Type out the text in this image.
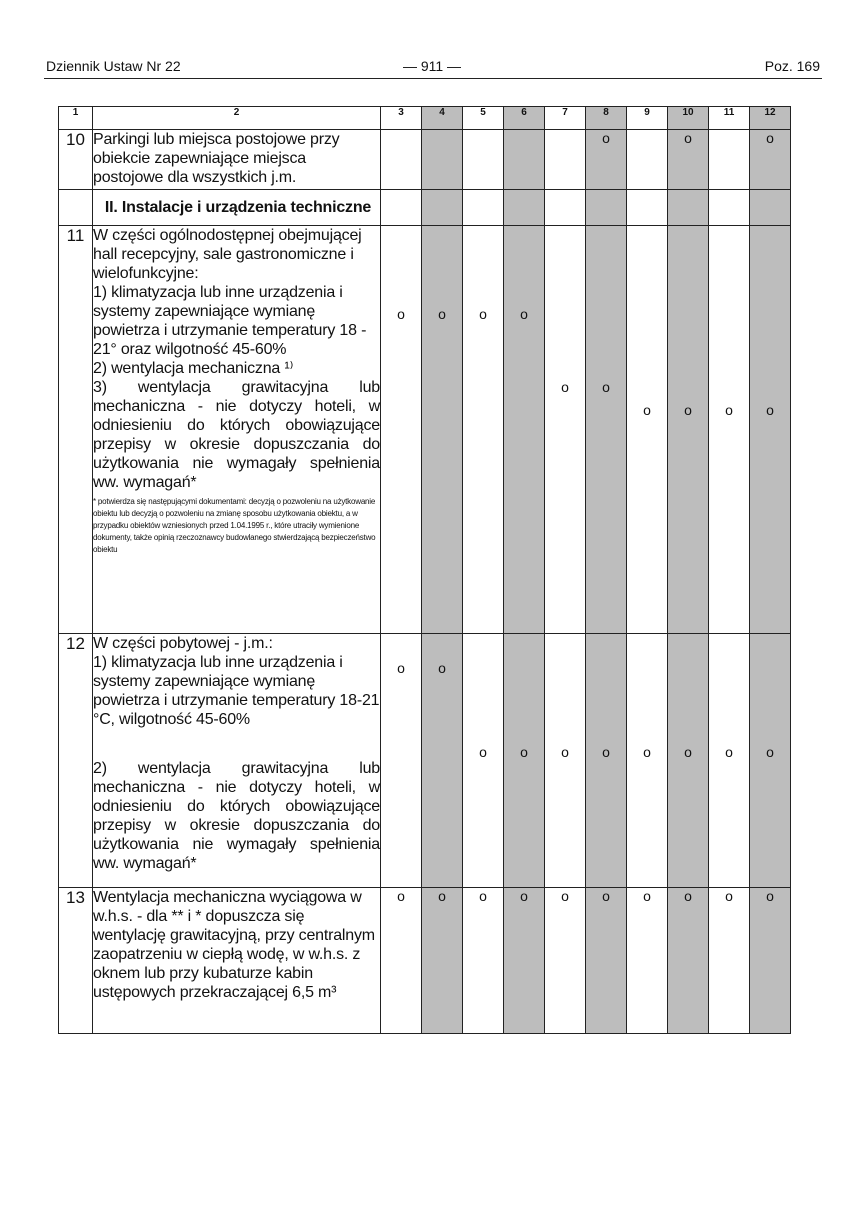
Dziennik Ustaw Nr 22	— 911 —	Poz. 169
1	2	3	4	5	6	7	8	9	10	11	12
10	Parkingi lub miejsca postojowe przy obiekcie zapewniające miejsca postojowe dla wszystkich j.m.						o		o		o

	II. Instalacje i urządzenia techniczne										

11	W części ogólnodostępnej obejmującej hall recepcyjny, sale gastronomiczne i wielofunkcyjne:
1) klimatyzacja lub inne urządzenia i systemy zapewniające wymianę powietrza i utrzymanie temperatury 18 - 21° oraz wilgotność 45-60%
2) wentylacja mechaniczna ¹⁾
3) wentylacja grawitacyjna lub mechaniczna - nie dotyczy hoteli, w odniesieniu do których obowiązujące przepisy w okresie dopuszczania do użytkowania nie wymagały spełnienia ww. wymagań*
* potwierdza się następującymi dokumentami: decyzją o pozwoleniu na użytkowanie obiektu lub decyzją o pozwoleniu na zmianę sposobu użytkowania obiektu, a w przypadku obiektów wzniesionych przed 1.04.1995 r., które utraciły wymienione dokumenty, także opinią rzeczoznawcy budowlanego stwierdzającą bezpieczeństwo obiektu	o	o	o	o	o	o	o	o	o	o
12	W części pobytowej - j.m.:
1) klimatyzacja lub inne urządzenia i systemy zapewniające wymianę powietrza i utrzymanie temperatury 18-21 °C, wilgotność 45-60%
2) wentylacja grawitacyjna lub mechaniczna - nie dotyczy hoteli, w odniesieniu do których obowiązujące przepisy w okresie dopuszczania do użytkowania nie wymagały spełnienia ww. wymagań*	o	o	o	o	o	o	o	o	o	o
13	Wentylacja mechaniczna wyciągowa w w.h.s. - dla ** i * dopuszcza się wentylację grawitacyjną, przy centralnym zaopatrzeniu w ciepłą wodę, w w.h.s. z oknem lub przy kubaturze kabin ustępowych przekraczającej 6,5 m³	o	o	o	o	o	o	o	o	o	o
